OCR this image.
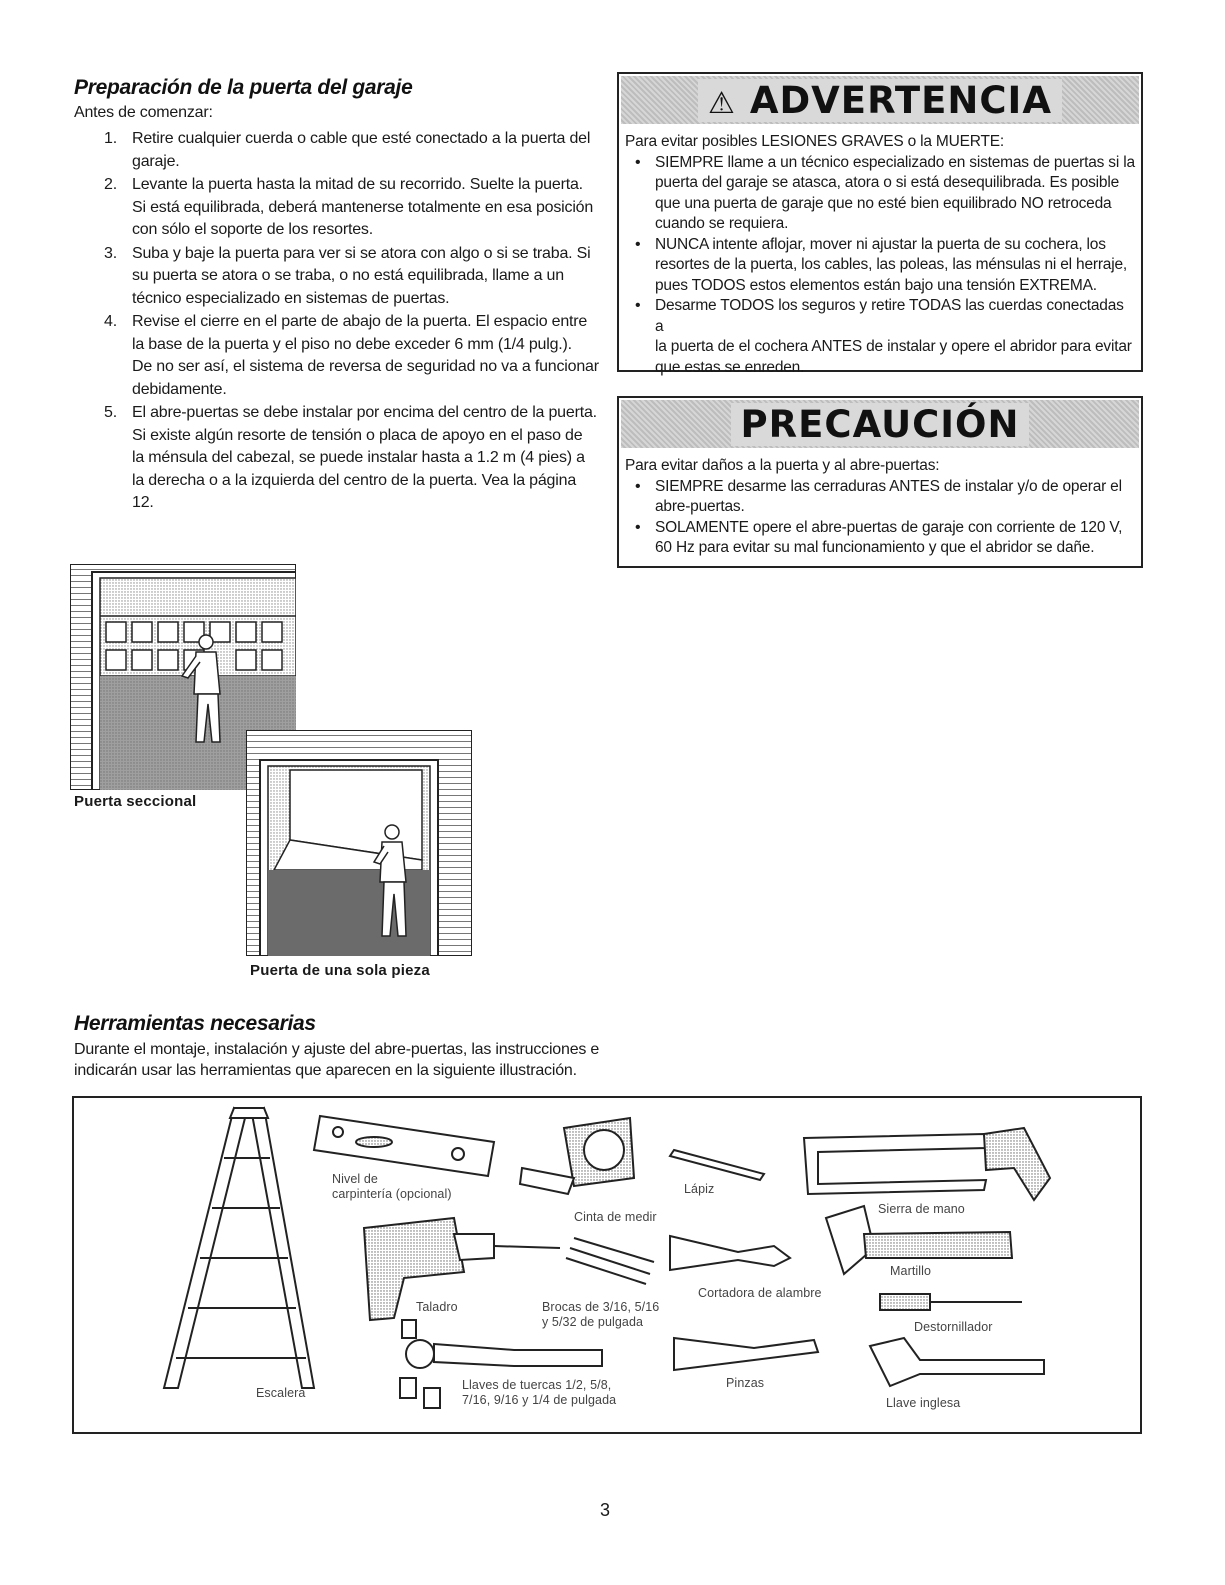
Preparación de la puerta del garaje
Antes de comenzar:
1. Retire cualquier cuerda o cable que esté conectado a la puerta del
garaje.
2. Levante la puerta hasta la mitad de su recorrido. Suelte la puerta.
Si está equilibrada, deberá mantenerse totalmente en esa posición
con sólo el soporte de los resortes.
3. Suba y baje la puerta para ver si se atora con algo o si se traba. Si
su puerta se atora o se traba, o no está equilibrada, llame a un
técnico especializado en sistemas de puertas.
4. Revise el cierre en el parte de abajo de la puerta. El espacio entre
la base de la puerta y el piso no debe exceder 6 mm (1/4 pulg.).
De no ser así, el sistema de reversa de seguridad no va a funcionar
debidamente.
5. El abre-puertas se debe instalar por encima del centro de la puerta.
Si existe algún resorte de tensión o placa de apoyo en el paso de
la ménsula del cabezal, se puede instalar hasta a 1.2 m (4 pies) a
la derecha o a la izquierda del centro de la puerta. Vea la página
12.
Puerta seccional
Puerta de una sola pieza
⚠ ADVERTENCIA
Para evitar posibles LESIONES GRAVES o la MUERTE:
• SIEMPRE llame a un técnico especializado en sistemas de puertas si la
puerta del garaje se atasca, atora o si está desequilibrada. Es posible
que una puerta de garaje que no esté bien equilibrado NO retroceda
cuando se requiera.
• NUNCA intente aflojar, mover ni ajustar la puerta de su cochera, los
resortes de la puerta, los cables, las poleas, las ménsulas ni el herraje,
pues TODOS estos elementos están bajo una tensión EXTREMA.
• Desarme TODOS los seguros y retire TODAS las cuerdas conectadas a
la puerta de el cochera ANTES de instalar y opere el abridor para evitar
que estas se enreden.
PRECAUCIÓN
Para evitar daños a la puerta y al abre-puertas:
• SIEMPRE desarme las cerraduras ANTES de instalar y/o de operar el
abre-puertas.
• SOLAMENTE opere el abre-puertas de garaje con corriente de 120 V,
60 Hz para evitar su mal funcionamiento y que el abridor se dañe.
Herramientas necesarias
Durante el montaje, instalación y ajuste del abre-puertas, las instrucciones e
indicarán usar las herramientas que aparecen en la siguiente illustración.
Nivel de
carpintería (opcional)
Cinta de medir
Lápiz
Sierra de mano
Martillo
Cortadora de alambre
Taladro	Brocas de 3/16, 5/16
y 5/32 de pulgada	Destornillador
Pinzas
Llaves de tuercas 1/2, 5/8,
7/16, 9/16 y 1/4 de pulgada	Llave inglesa
Escalera
3
